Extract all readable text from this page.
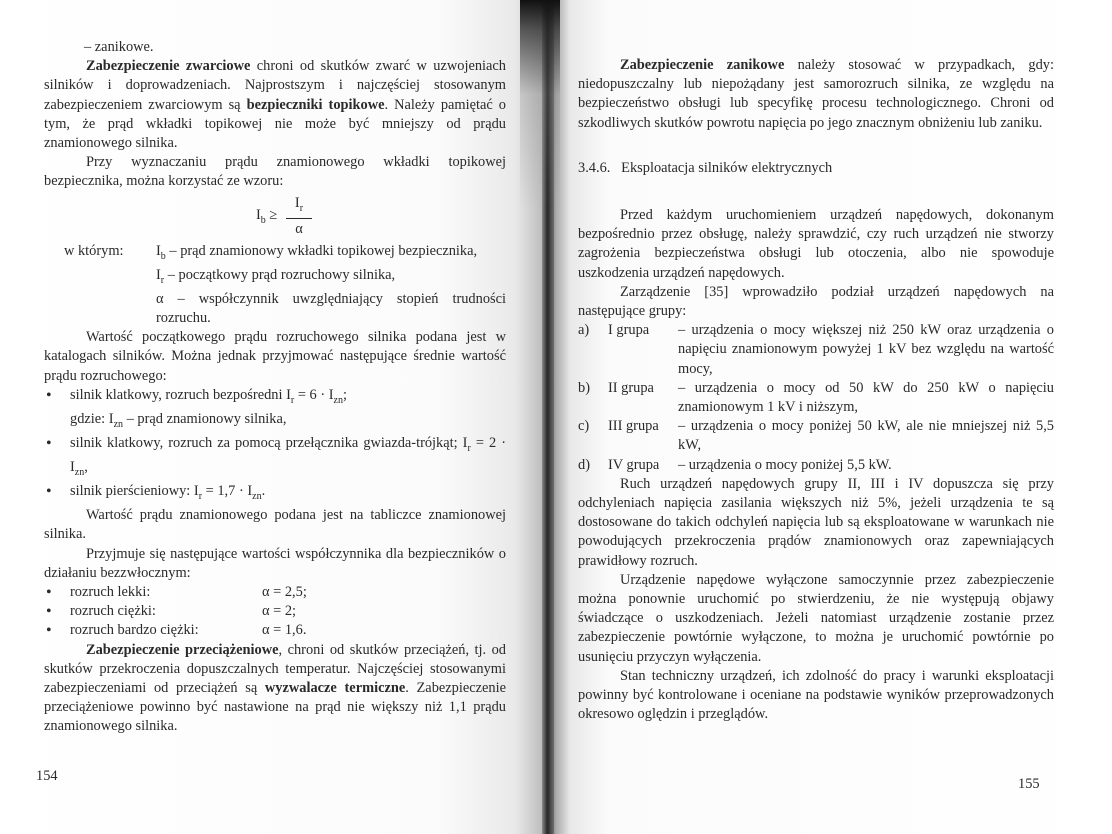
– zanikowe.

Zabezpieczenie zwarciowe chroni od skutków zwarć w uzwojeniach silników i doprowadzeniach. Najprostszym i najczęściej stosowanym zabezpieczeniem zwarciowym są bezpieczniki topikowe. Należy pamiętać o tym, że prąd wkładki topikowej nie może być mniejszy od prądu znamionowego silnika.

Przy wyznaczaniu prądu znamionowego wkładki topikowej bezpiecznika, można korzystać ze wzoru:

$I_b \ge \frac{I_r}{\alpha}$
w którym: $I_b$ – prąd znamionowy wkładki topikowej bezpiecznika,
$I_r$ – początkowy prąd rozruchowy silnika,
α – współczynnik uwzględniający stopień trudności rozruchu.

Wartość początkowego prądu rozruchowego silnika podana jest w katalogach silników. Można jednak przyjmować następujące średnie wartość prądu rozruchowego:

• silnik klatkowy, rozruch bezpośredni $I_r = 6 \cdot I_{zn}$;
gdzie: $I_{zn}$ – prąd znamionowy silnika,
• silnik klatkowy, rozruch za pomocą przełącznika gwiazda-trójkąt; $I_r = 2 \cdot I_{zn}$,
• silnik pierścieniowy: $I_r = 1,7 \cdot I_{zn}$.

Wartość prądu znamionowego podana jest na tabliczce znamionowej silnika.

Przyjmuje się następujące wartości współczynnika dla bezpieczników o działaniu bezzwłocznym:

• rozruch lekki:	α = 2,5;
• rozruch ciężki:	α = 2;
• rozruch bardzo ciężki:	α = 1,6.

Zabezpieczenie przeciążeniowe, chroni od skutków przeciążeń, tj. od skutków przekroczenia dopuszczalnych temperatur. Najczęściej stosowanymi zabezpieczeniami od przeciążeń są wyzwalacze termiczne. Zabezpieczenie przeciążeniowe powinno być nastawione na prąd nie większy niż 1,1 prądu znamionowego silnika.

154

Zabezpieczenie zanikowe należy stosować w przypadkach, gdy: niedopuszczalny lub niepożądany jest samorozruch silnika, ze względu na bezpieczeństwo obsługi lub specyfikę procesu technologicznego. Chroni od szkodliwych skutków powrotu napięcia po jego znacznym obniżeniu lub zaniku.

3.4.6.   Eksploatacja silników elektrycznych

Przed każdym uruchomieniem urządzeń napędowych, dokonanym bezpośrednio przez obsługę, należy sprawdzić, czy ruch urządzeń nie stworzy zagrożenia bezpieczeństwa obsługi lub otoczenia, albo nie spowoduje uszkodzenia urządzeń napędowych.

Zarządzenie [35] wprowadziło podział urządzeń napędowych na następujące grupy:

a) I grupa – urządzenia o mocy większej niż 250 kW oraz urządzenia o napięciu znamionowym powyżej 1 kV bez względu na wartość mocy,
b) II grupa – urządzenia o mocy od 50 kW do 250 kW o napięciu znamionowym 1 kV i niższym,
c) III grupa – urządzenia o mocy poniżej 50 kW, ale nie mniejszej niż 5,5 kW,
d) IV grupa – urządzenia o mocy poniżej 5,5 kW.

Ruch urządzeń napędowych grupy II, III i IV dopuszcza się przy odchyleniach napięcia zasilania większych niż 5%, jeżeli urządzenia te są dostosowane do takich odchyleń napięcia lub są eksploatowane w warunkach nie powodujących przekroczenia prądów znamionowych oraz zapewniających prawidłowy rozruch.

Urządzenie napędowe wyłączone samoczynnie przez zabezpieczenie można ponownie uruchomić po stwierdzeniu, że nie występują objawy świadczące o uszkodzeniach. Jeżeli natomiast urządzenie zostanie przez zabezpieczenie powtórnie wyłączone, to można je uruchomić powtórnie po usunięciu przyczyn wyłączenia.

Stan techniczny urządzeń, ich zdolność do pracy i warunki eksploatacji powinny być kontrolowane i oceniane na podstawie wyników przeprowadzonych okresowo oględzin i przeglądów.

155
